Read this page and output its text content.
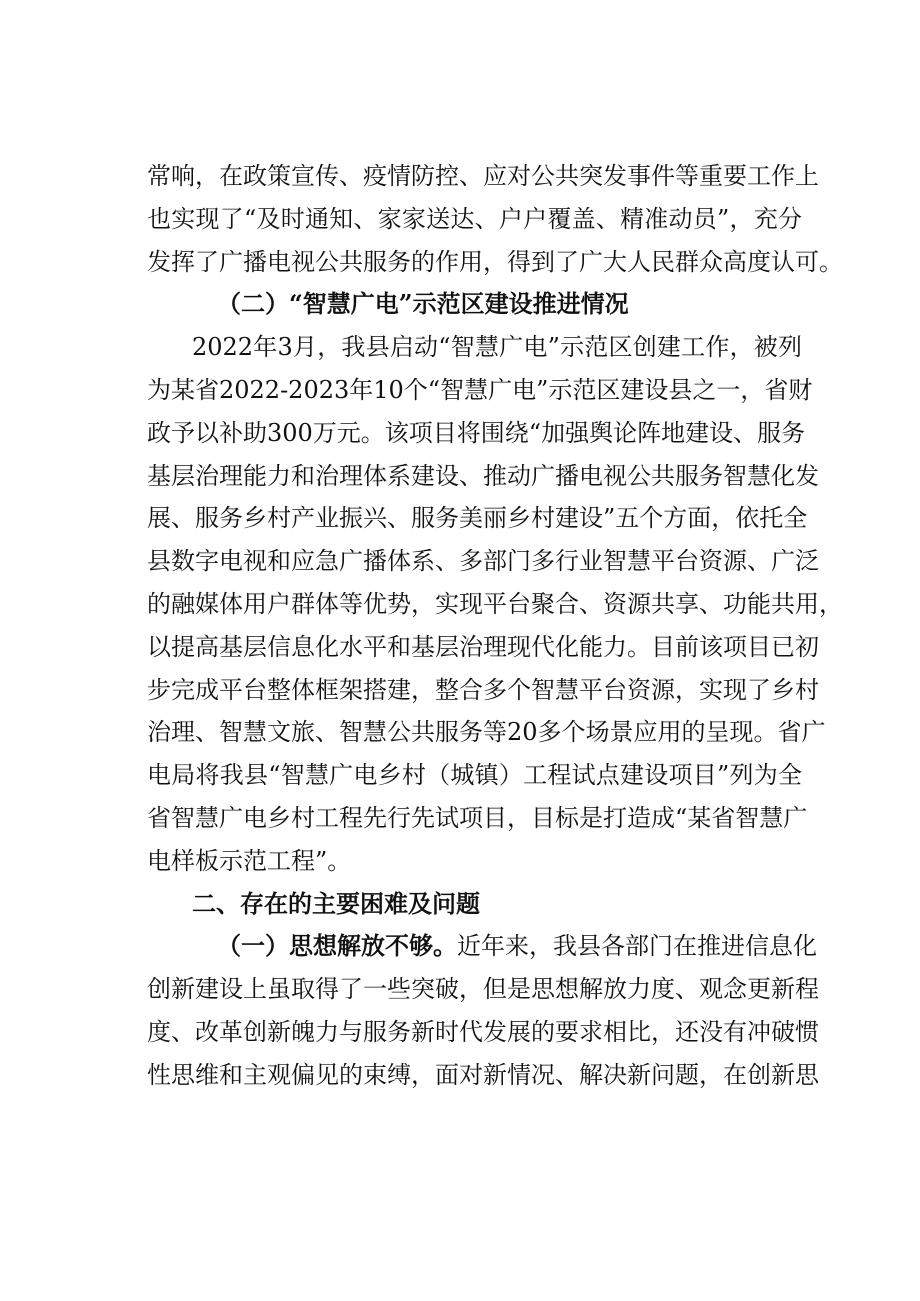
常响，在政策宣传、疫情防控、应对公共突发事件等重要工作上
也实现了“及时通知、家家送达、户户覆盖、精准动员”，充分
发挥了广播电视公共服务的作用，得到了广大人民群众高度认可。
（二）“智慧广电”示范区建设推进情况
2022年3月，我县启动“智慧广电”示范区创建工作，被列
为某省2022-2023年10个“智慧广电”示范区建设县之一，省财
政予以补助300万元。该项目将围绕“加强舆论阵地建设、服务
基层治理能力和治理体系建设、推动广播电视公共服务智慧化发
展、服务乡村产业振兴、服务美丽乡村建设”五个方面，依托全
县数字电视和应急广播体系、多部门多行业智慧平台资源、广泛
的融媒体用户群体等优势，实现平台聚合、资源共享、功能共用，
以提高基层信息化水平和基层治理现代化能力。目前该项目已初
步完成平台整体框架搭建，整合多个智慧平台资源，实现了乡村
治理、智慧文旅、智慧公共服务等20多个场景应用的呈现。省广
电局将我县“智慧广电乡村（城镇）工程试点建设项目”列为全
省智慧广电乡村工程先行先试项目，目标是打造成“某省智慧广
电样板示范工程”。
二、存在的主要困难及问题
（一）思想解放不够。近年来，我县各部门在推进信息化
创新建设上虽取得了一些突破，但是思想解放力度、观念更新程
度、改革创新魄力与服务新时代发展的要求相比，还没有冲破惯
性思维和主观偏见的束缚，面对新情况、解决新问题，在创新思
